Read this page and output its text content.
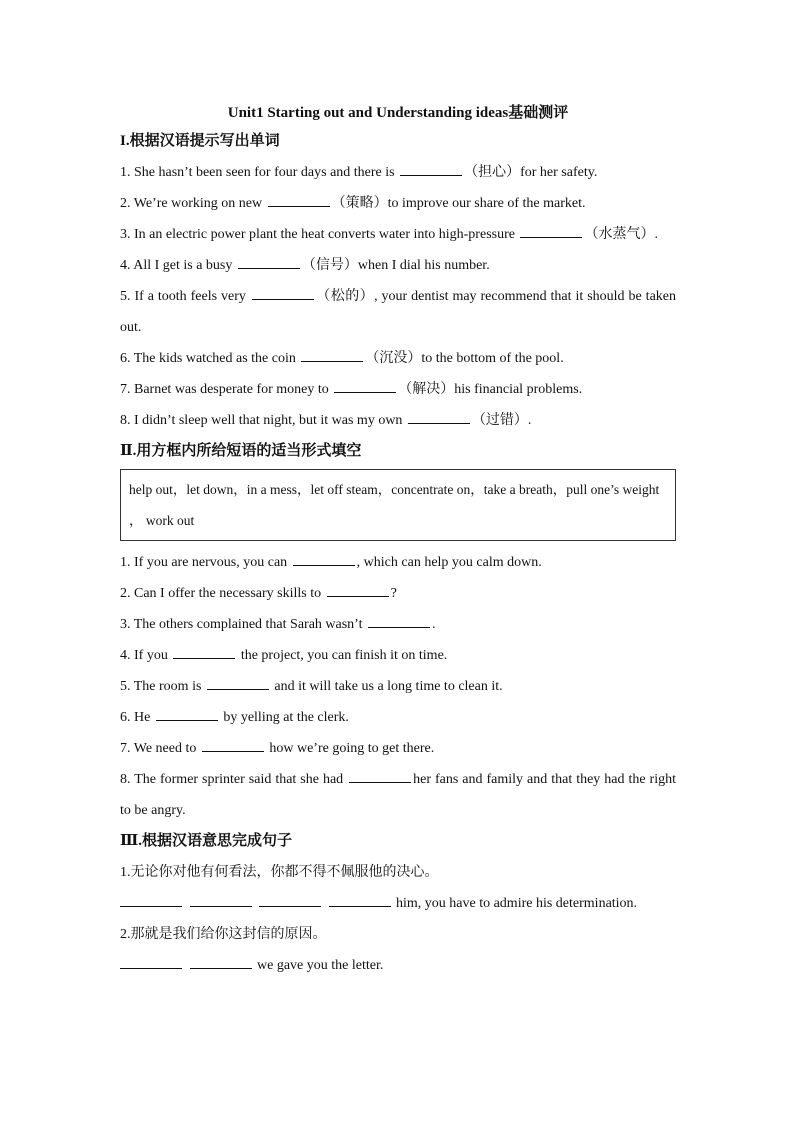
Unit1 Starting out and Understanding ideas基础测评
I.根据汉语提示写出单词
1. She hasn’t been seen for four days and there is	（担心）for her safety.
2. We’re working on new	（策略）to improve our share of the market.
3. In an electric power plant the heat converts water into high-pressure	（水蒸气）.
4. All I get is a busy	（信号）when I dial his number.
5. If a tooth feels very	（松的）, your dentist may recommend that it should be taken out.
6. The kids watched as the coin	（沉没）to the bottom of the pool.
7. Barnet was desperate for money to	（解决）his financial problems.
8. I didn’t sleep well that night, but it was my own	（过错）.
Ⅱ.用方框内所给短语的适当形式填空
help out，let down，in a mess，let off steam，concentrate on，take a breath，pull one’s weight ， work out
1. If you are nervous, you can	, which can help you calm down.
2. Can I offer the necessary skills to	?
3. The others complained that Sarah wasn’t	.
4. If you	the project, you can finish it on time.
5. The room is	and it will take us a long time to clean it.
6. He	by yelling at the clerk.
7. We need to	how we’re going to get there.
8. The former sprinter said that she had	her fans and family and that they had the right to be angry.
Ⅲ.根据汉语意思完成句子
1.无论你对他有何看法，你都不得不佩服他的决心。
him, you have to admire his determination.
2.那就是我们给你这封信的原因。
we gave you the letter.
